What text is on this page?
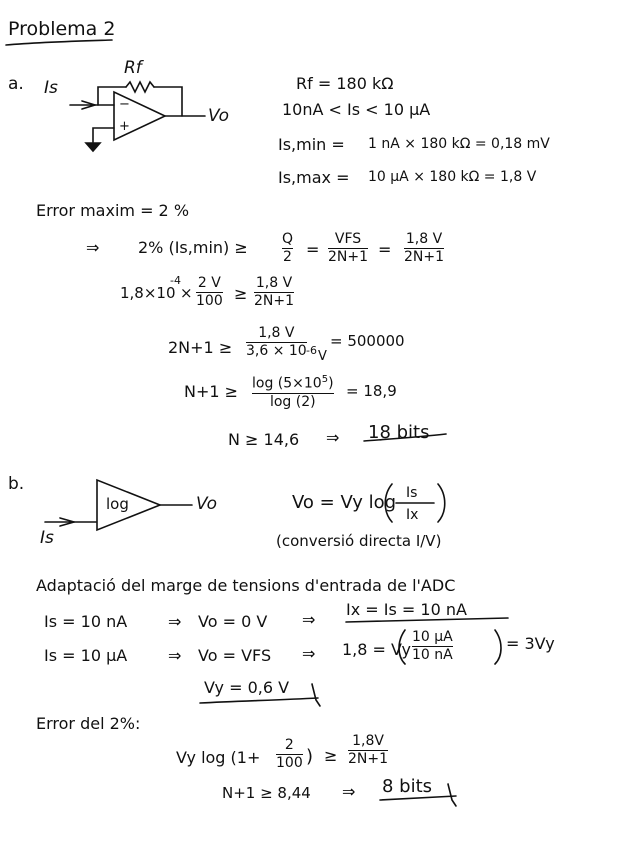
Problema 2
a. Is
Rf
−
+
Vo
Rf = 180 kΩ
10nA < Is < 10 µA
Is,min = 1 nA × 180 kΩ = 0,18 mV
Is,max = 10 µA × 180 kΩ = 1,8 V
Error maxim = 2 %
⇒ 2% (Is,min) ≥ Q
2 =
VFS
2N+1 =
1,8 V
2N+1
1,8×10
-4
×
2 V
100 ≥
1,8 V
2N+1
2N+1 ≥
1,8 V
3,6 × 10 -6 V
= 500000
$N+1 \ge \log (5\times 10^5)$
log (2)
= 18,9
N ≥ 14,6 ⇒ 18 bits
b.
log	Vo
Is
Vo = Vy log Is
Ix
(conversió directa I/V)
Adaptació del marge de tensions d'entrada de l'ADC
Is = 10 nA	⇒ Vo = 0 V ⇒
Ix = Is = 10 nA
Is = 10 µA	⇒ Vo = VFS ⇒ 1,8 = Vy
10 µA
10 nA
= 3Vy
Vy = 0,6 V
Error del 2%:
Vy log (1+
2
100 ) ≥
1,8V
2N+1
N+1 ≥ 8,44 ⇒ 8 bits
